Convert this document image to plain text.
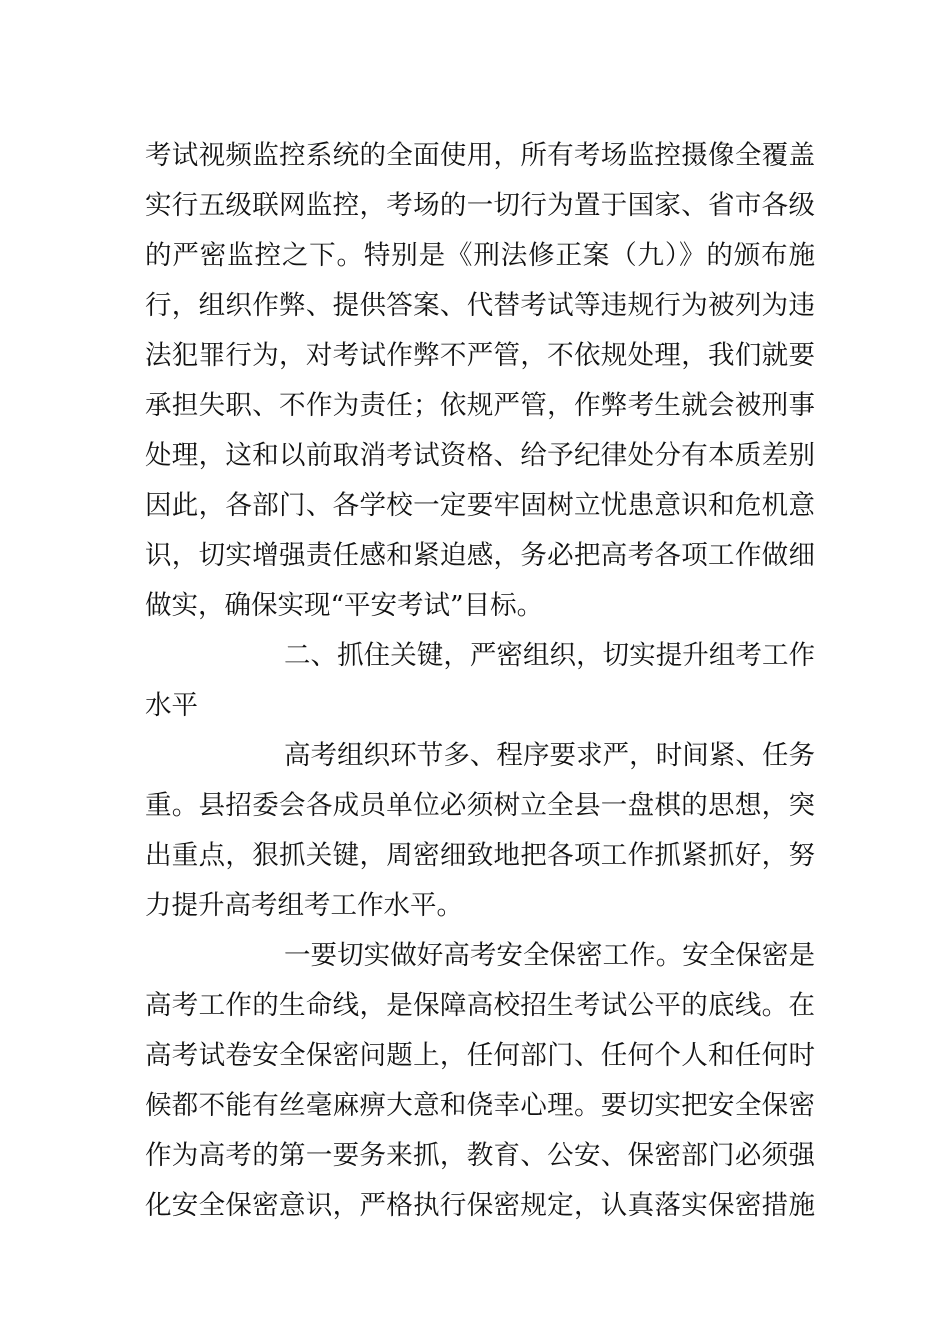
考试视频监控系统的全面使用，所有考场监控摄像全覆盖
实行五级联网监控，考场的一切行为置于国家、省市各级
的严密监控之下。特别是《刑法修正案（九）》的颁布施
行，组织作弊、提供答案、代替考试等违规行为被列为违
法犯罪行为，对考试作弊不严管，不依规处理，我们就要
承担失职、不作为责任；依规严管，作弊考生就会被刑事
处理，这和以前取消考试资格、给予纪律处分有本质差别
因此，各部门、各学校一定要牢固树立忧患意识和危机意
识，切实增强责任感和紧迫感，务必把高考各项工作做细
做实，确保实现“平安考试”目标。
二、抓住关键，严密组织，切实提升组考工作
水平
高考组织环节多、程序要求严，时间紧、任务
重。县招委会各成员单位必须树立全县一盘棋的思想，突
出重点，狠抓关键，周密细致地把各项工作抓紧抓好，努
力提升高考组考工作水平。
一要切实做好高考安全保密工作。安全保密是
高考工作的生命线，是保障高校招生考试公平的底线。在
高考试卷安全保密问题上，任何部门、任何个人和任何时
候都不能有丝毫麻痹大意和侥幸心理。要切实把安全保密
作为高考的第一要务来抓，教育、公安、保密部门必须强
化安全保密意识，严格执行保密规定，认真落实保密措施
